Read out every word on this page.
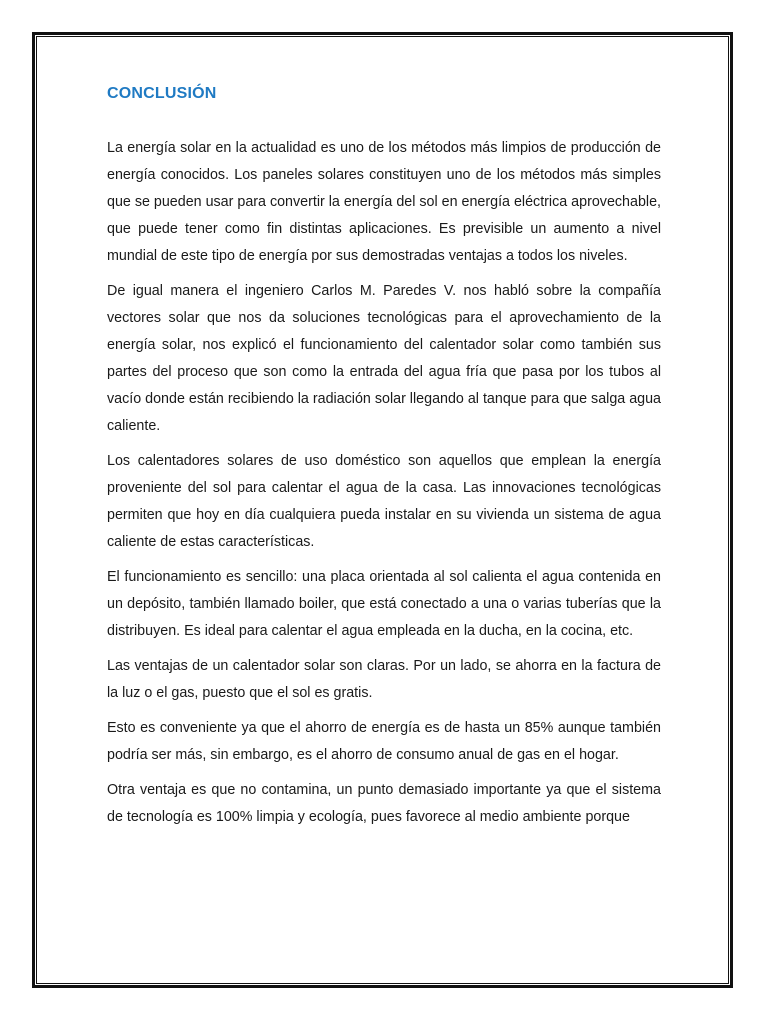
CONCLUSIÓN

La energía solar en la actualidad es uno de los métodos más limpios de producción de energía conocidos. Los paneles solares constituyen uno de los métodos más simples que se pueden usar para convertir la energía del sol en energía eléctrica aprovechable, que puede tener como fin distintas aplicaciones. Es previsible un aumento a nivel mundial de este tipo de energía por sus demostradas ventajas a todos los niveles.

De igual manera el ingeniero Carlos M. Paredes V. nos habló sobre la compañía vectores solar que nos da soluciones tecnológicas para el aprovechamiento de la energía solar, nos explicó el funcionamiento del calentador solar como también sus partes del proceso que son como la entrada del agua fría que pasa por los tubos al vacío donde están recibiendo la radiación solar llegando al tanque para que salga agua caliente.

Los calentadores solares de uso doméstico son aquellos que emplean la energía proveniente del sol para calentar el agua de la casa. Las innovaciones tecnológicas permiten que hoy en día cualquiera pueda instalar en su vivienda un sistema de agua caliente de estas características.

El funcionamiento es sencillo: una placa orientada al sol calienta el agua contenida en un depósito, también llamado boiler, que está conectado a una o varias tuberías que la distribuyen. Es ideal para calentar el agua empleada en la ducha, en la cocina, etc.

Las ventajas de un calentador solar son claras. Por un lado, se ahorra en la factura de la luz o el gas, puesto que el sol es gratis.

Esto es conveniente ya que el ahorro de energía es de hasta un 85% aunque también podría ser más, sin embargo, es el ahorro de consumo anual de gas en el hogar.

Otra ventaja es que no contamina, un punto demasiado importante ya que el sistema de tecnología es 100% limpia y ecología, pues favorece al medio ambiente porque
